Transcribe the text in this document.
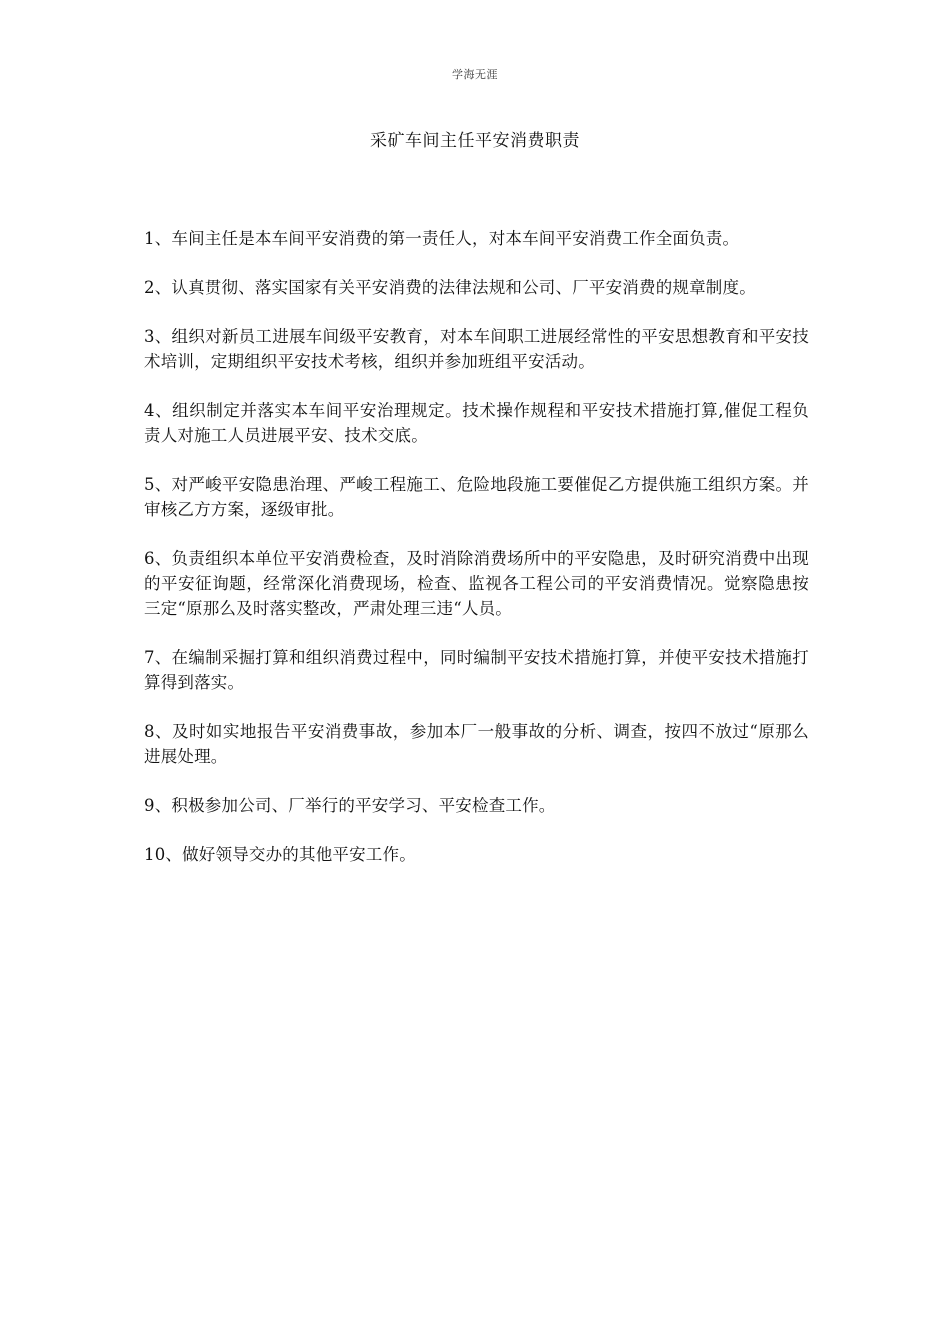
学海无涯
采矿车间主任平安消费职责

1、车间主任是本车间平安消费的第一责任人，对本车间平安消费工作全面负责。

2、认真贯彻、落实国家有关平安消费的法律法规和公司、厂平安消费的规章制度。

3、组织对新员工进展车间级平安教育，对本车间职工进展经常性的平安思想教育和平安技术培训，定期组织平安技术考核，组织并参加班组平安活动。

4、组织制定并落实本车间平安治理规定。技术操作规程和平安技术措施打算,催促工程负责人对施工人员进展平安、技术交底。

5、对严峻平安隐患治理、严峻工程施工、危险地段施工要催促乙方提供施工组织方案。并审核乙方方案，逐级审批。

6、负责组织本单位平安消费检查，及时消除消费场所中的平安隐患，及时研究消费中出现的平安征询题，经常深化消费现场，检查、监视各工程公司的平安消费情况。觉察隐患按三定“原那么及时落实整改，严肃处理三违“人员。

7、在编制采掘打算和组织消费过程中，同时编制平安技术措施打算，并使平安技术措施打算得到落实。

8、及时如实地报告平安消费事故，参加本厂一般事故的分析、调查，按四不放过“原那么进展处理。

9、积极参加公司、厂举行的平安学习、平安检查工作。

10、做好领导交办的其他平安工作。
